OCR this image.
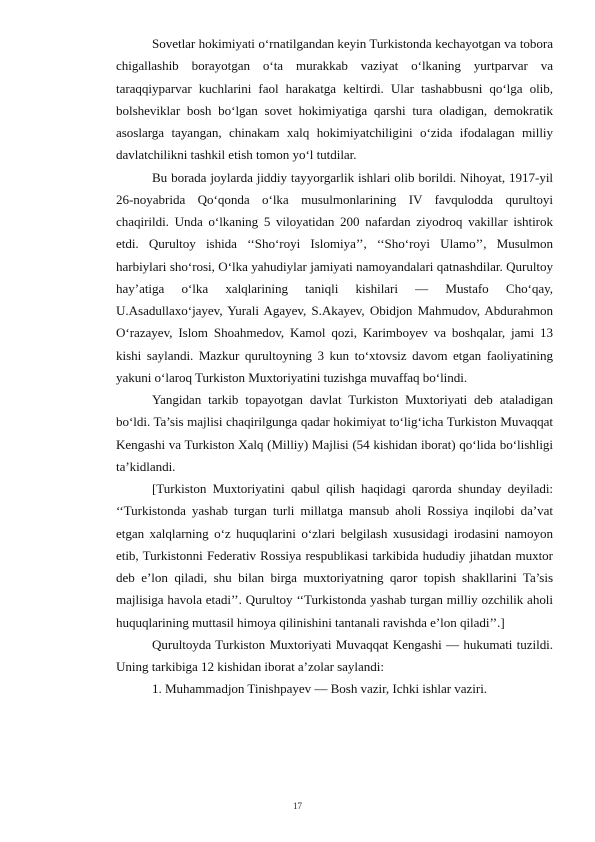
Sovetlar hokimiyati o‘rnatilgandan keyin Turkistonda kechayotgan va tobora chigallashib borayotgan o‘ta murakkab vaziyat o‘lkaning yurtparvar va taraqqiyparvar kuchlarini faol harakatga keltirdi. Ular tashabbusni qo‘lga olib, bolsheviklar bosh bo‘lgan sovet hokimiyatiga qarshi tura oladigan, demokratik asoslarga tayangan, chinakam xalq hokimiyatchiligini o‘zida ifodalagan milliy davlatchilikni tashkil etish tomon yo‘l tutdilar.

Bu borada joylarda jiddiy tayyorgarlik ishlari olib borildi. Nihoyat, 1917-yil 26-noyabrida Qo‘qonda o‘lka musulmonlarining IV favqulodda qurultoyi chaqirildi. Unda o‘lkaning 5 viloyatidan 200 nafardan ziyodroq vakillar ishtirok etdi. Qurultoy ishida ‘‘Sho‘royi Islomiya’’, ‘‘Sho‘royi Ulamo’’, Musulmon harbiylari sho‘rosi, O‘lka yahudiylar jamiyati namoyandalari qatnashdilar. Qurultoy hay’atiga o‘lka xalqlarining taniqli kishilari — Mustafo Cho‘qay, U.Asadullaxo‘jayev, Yurali Agayev, S.Akayev, Obidjon Mahmudov, Abdurahmon O‘razayev, Islom Shoahmedov, Kamol qozi, Karimboyev va boshqalar, jami 13 kishi saylandi. Mazkur qurultoyning 3 kun to‘xtovsiz davom etgan faoliyatining yakuni o‘laroq Turkiston Muxtoriyatini tuzishga muvaffaq bo‘lindi.

Yangidan tarkib topayotgan davlat Turkiston Muxtoriyati deb ataladigan bo‘ldi. Ta’sis majlisi chaqirilgunga qadar hokimiyat to‘lig‘icha Turkiston Muvaqqat Kengashi va Turkiston Xalq (Milliy) Majlisi (54 kishidan iborat) qo‘lida bo‘lishligi ta’kidlandi.

[Turkiston Muxtoriyatini qabul qilish haqidagi qarorda shunday deyiladi: ‘‘Turkistonda yashab turgan turli millatga mansub aholi Rossiya inqilobi da’vat etgan xalqlarning o‘z huquqlarini o‘zlari belgilash xususidagi irodasini namoyon etib, Turkistonni Federativ Rossiya respublikasi tarkibida hududiy jihatdan muxtor deb e’lon qiladi, shu bilan birga muxtoriyatning qaror topish shakllarini Ta’sis majlisiga havola etadi’’. Qurultoy ‘‘Turkistonda yashab turgan milliy ozchilik aholi huquqlarining muttasil himoya qilinishini tantanali ravishda e’lon qiladi’’.]

Qurultoyda Turkiston Muxtoriyati Muvaqqat Kengashi — hukumati tuzildi. Uning tarkibiga 12 kishidan iborat a’zolar saylandi:

1. Muhammadjon Tinishpayev — Bosh vazir, Ichki ishlar vaziri.

17
